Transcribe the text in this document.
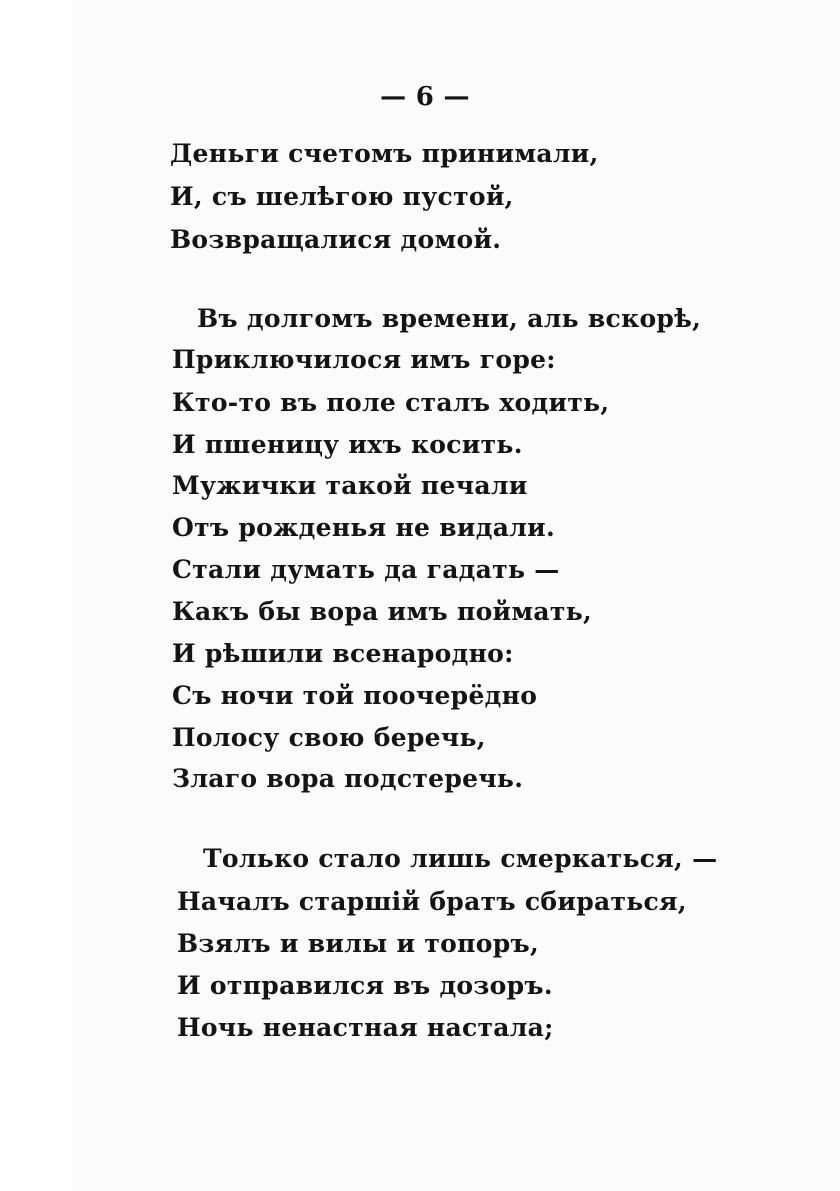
— 6 —
Деньги счетомъ принимали,
И, съ шелѣгою пустой,
Возвращалися домой.
Въ долгомъ времени, аль вскорѣ,
Приключилося имъ горе:
Кто-то въ поле сталъ ходить,
И пшеницу ихъ косить.
Мужички такой печали
Отъ рожденья не видали.
Стали думать да гадать —
Какъ бы вора имъ поймать,
И рѣшили всенародно:
Съ ночи той поочерёдно
Полосу свою беречь,
Злаго вора подстеречь.
Только стало лишь смеркаться, —
Началъ старшій братъ сбираться,
Взялъ и вилы и топоръ,
И отправился въ дозоръ.
Ночь ненастная настала;
